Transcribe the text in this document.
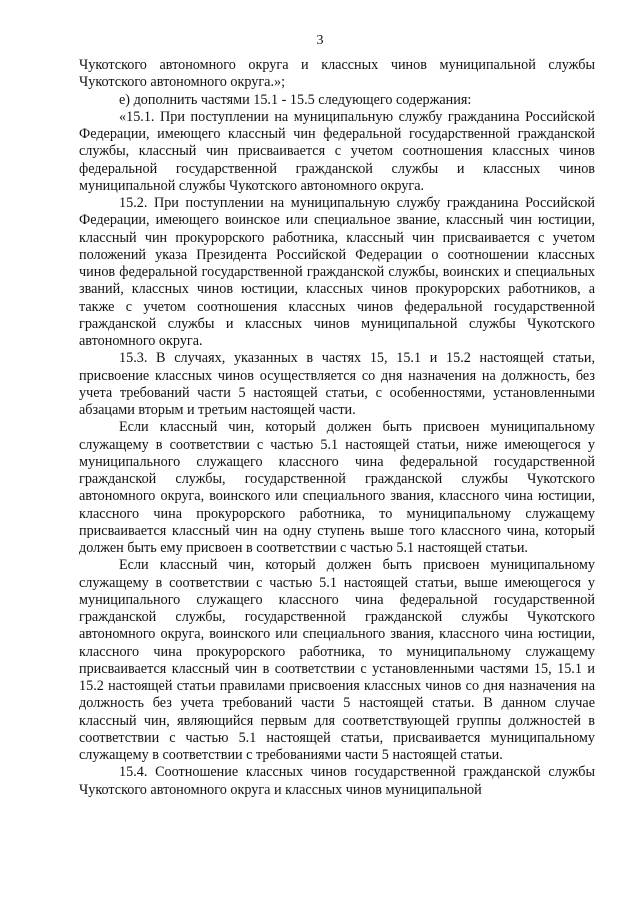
3

Чукотского автономного округа и классных чинов муниципальной службы Чукотского автономного округа.»;

е) дополнить частями 15.1 - 15.5 следующего содержания:

«15.1. При поступлении на муниципальную службу гражданина Российской Федерации, имеющего классный чин федеральной государственной гражданской службы, классный чин присваивается с учетом соотношения классных чинов федеральной государственной гражданской службы и классных чинов муниципальной службы Чукотского автономного округа.

15.2. При поступлении на муниципальную службу гражданина Российской Федерации, имеющего воинское или специальное звание, классный чин юстиции, классный чин прокурорского работника, классный чин присваивается с учетом положений указа Президента Российской Федерации о соотношении классных чинов федеральной государственной гражданской службы, воинских и специальных званий, классных чинов юстиции, классных чинов прокурорских работников, а также с учетом соотношения классных чинов федеральной государственной гражданской службы и классных чинов муниципальной службы Чукотского автономного округа.

15.3. В случаях, указанных в частях 15, 15.1 и 15.2 настоящей статьи, присвоение классных чинов осуществляется со дня назначения на должность, без учета требований части 5 настоящей статьи, с особенностями, установленными абзацами вторым и третьим настоящей части.

Если классный чин, который должен быть присвоен муниципальному служащему в соответствии с частью 5.1 настоящей статьи, ниже имеющегося у муниципального служащего классного чина федеральной государственной гражданской службы, государственной гражданской службы Чукотского автономного округа, воинского или специального звания, классного чина юстиции, классного чина прокурорского работника, то муниципальному служащему присваивается классный чин на одну ступень выше того классного чина, который должен быть ему присвоен в соответствии с частью 5.1 настоящей статьи.

Если классный чин, который должен быть присвоен муниципальному служащему в соответствии с частью 5.1 настоящей статьи, выше имеющегося у муниципального служащего классного чина федеральной государственной гражданской службы, государственной гражданской службы Чукотского автономного округа, воинского или специального звания, классного чина юстиции, классного чина прокурорского работника, то муниципальному служащему присваивается классный чин в соответствии с установленными частями 15, 15.1 и 15.2 настоящей статьи правилами присвоения классных чинов со дня назначения на должность без учета требований части 5 настоящей статьи. В данном случае классный чин, являющийся первым для соответствующей группы должностей в соответствии с частью 5.1 настоящей статьи, присваивается муниципальному служащему в соответствии с требованиями части 5 настоящей статьи.

15.4. Соотношение классных чинов государственной гражданской службы Чукотского автономного округа и классных чинов муниципальной
